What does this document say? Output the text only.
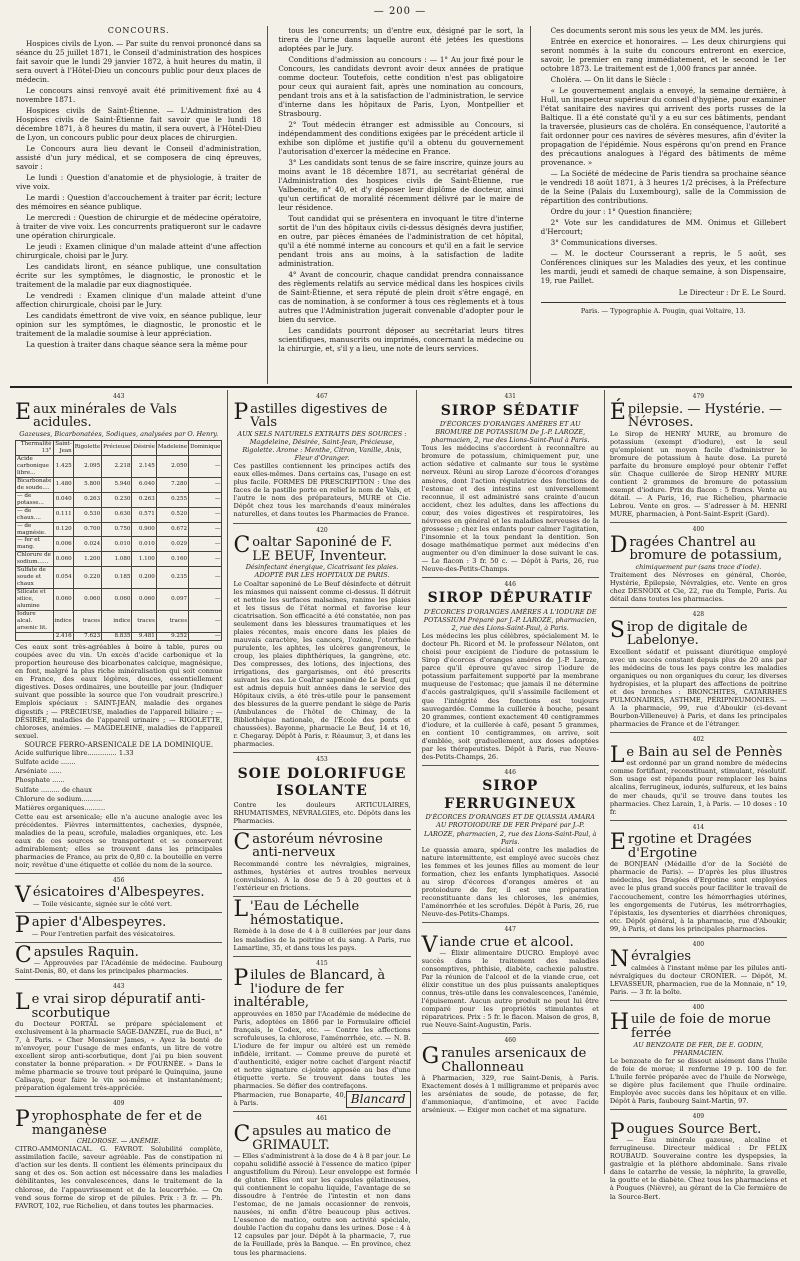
— 200 —
CONCOURS.

Hospices civils de Lyon. — Par suite du renvoi prononcé dans sa séance du 25 juillet 1871, le Conseil d'administration des hospices fait savoir que le lundi 29 janvier 1872, à huit heures du matin, il sera ouvert à l'Hôtel-Dieu un concours public pour deux places de médecin.

Le concours ainsi renvoyé avait été primitivement fixé au 4 novembre 1871.

Hospices civils de Saint-Étienne. — L'Administration des Hospices civils de Saint-Étienne fait savoir que le lundi 18 décembre 1871, à 8 heures du matin, il sera ouvert, à l'Hôtel-Dieu de Lyon, un concours public pour deux places de chirurgien.

Le Concours aura lieu devant le Conseil d'administration, assisté d'un jury médical, et se composera de cinq épreuves, savoir :

Le lundi : Question d'anatomie et de physiologie, à traiter de vive voix.

Le mardi : Question d'accouchement à traiter par écrit; lecture des mémoires en séance publique.

Le mercredi : Question de chirurgie et de médecine opératoire, à traiter de vive voix. Les concurrents pratiqueront sur le cadavre une opération chirurgicale.

Le jeudi : Examen clinique d'un malade atteint d'une affection chirurgicale, choisi par le Jury.

Les candidats liront, en séance publique, une consultation écrite sur les symptômes, le diagnostic, le pronostic et le traitement de la maladie par eux diagnostiquée.

Le vendredi : Examen clinique d'un malade atteint d'une affection chirurgicale, choisi par le Jury.

Les candidats émettront de vive voix, en séance publique, leur opinion sur les symptômes, le diagnostic, le pronostic et le traitement de la maladie soumise à leur appréciation.

La question à traiter dans chaque séance sera la même pour

tous les concurrents; un d'entre eux, désigné par le sort, la tirera de l'urne dans laquelle auront été jetées les questions adoptées par le Jury.

Conditions d'admission au concours : — 1° Au jour fixé pour le Concours, les candidats devront avoir deux années de pratique comme docteur. Toutefois, cette condition n'est pas obligatoire pour ceux qui auraient fait, après une nomination au concours, pendant trois ans et à la satisfaction de l'administration, le service d'interne dans les hôpitaux de Paris, Lyon, Montpellier et Strasbourg.

2° Tout médecin étranger est admissible au Concours, si indépendamment des conditions exigées par le précédent article il exhibe son diplôme et justifie qu'il a obtenu du gouvernement l'autorisation d'exercer la médecine en France.

3° Les candidats sont tenus de se faire inscrire, quinze jours au moins avant le 18 décembre 1871, au secrétariat général de l'Administration des hospices civils de Saint-Étienne, rue Valbenoite, n° 40, et d'y déposer leur diplôme de docteur, ainsi qu'un certificat de moralité récemment délivré par le maire de leur résidence.

Tout candidat qui se présentera en invoquant le titre d'interne sortit de l'un des hôpitaux civils ci-dessus désignés devra justifier, en outre, par pièces émanées de l'administration de cet hôpital, qu'il a été nommé interne au concours et qu'il en a fait le service pendant trois ans au moins, à la satisfaction de ladite administration.

4° Avant de concourir, chaque candidat prendra connaissance des règlements relatifs au service médical dans les hospices civils de Saint-Étienne, et sera réputé de plein droit s'être engagé, en cas de nomination, à se conformer à tous ces règlements et à tous autres que l'Administration jugerait convenable d'adopter pour le bien du service.

Les candidats pourront déposer au secrétariat leurs titres scientifiques, manuscrits ou imprimés, concernant la médecine ou la chirurgie, et, s'il y a lieu, une note de leurs services.

Ces documents seront mis sous les yeux de MM. les jurés.

Entrée en exercice et honoraires. — Les deux chirurgiens qui seront nommés à la suite du concours entreront en exercice, savoir, le premier en rang immédiatement, et le second le 1er octobre 1873. Le traitement est de 1,000 francs par année.

Choléra. — On lit dans le Siècle :

« Le gouvernement anglais a envoyé, la semaine dernière, à Hull, un inspecteur supérieur du conseil d'hygiène, pour examiner l'état sanitaire des navires qui arrivent des ports russes de la Baltique. Il a été constaté qu'il y a eu sur ces bâtiments, pendant la traversée, plusieurs cas de choléra. En conséquence, l'autorité a fait ordonner pour ces navires de sévères mesures, afin d'éviter la propagation de l'épidémie. Nous espérons qu'on prend en France des précautions analogues à l'égard des bâtiments de même provenance. »

— La Société de médecine de Paris tiendra sa prochaine séance le vendredi 18 août 1871, à 3 heures 1/2 précises, à la Préfecture de la Seine (Palais du Luxembourg), salle de la Commission de répartition des contributions.

Ordre du jour : 1° Question financière;

2° Vote sur les candidatures de MM. Onimus et Gillebert d'Hercourt;

3° Communications diverses.

— M. le docteur Coursserant a repris, le 5 août, ses Conférences cliniques sur les Maladies des yeux, et les continue les mardi, jeudi et samedi de chaque semaine, à son Dispensaire, 19, rue Paillet.

Le Directeur : Dr E. Le Sourd.
Paris. — Typographie A. Pougin, quai Voltaire, 13.
443
Eaux minérales de Vals acidules.
Gazeuses, Bicarbonatées, Sodiques, analysées par O. Henry.
Thermalité 13°	Saint-Jean	Rigolette	Précieuse	Désirée	Madeleine	Dominique
Acide carbonique libre...	1.425	2.095	2.218	2.145	2.050	—
Bicarbonate de soude....	1.480	5.800	5.940	6.040	7.280	—
— de potasse...	0.040	0.263	0.230	0.263	0.255	—
— de chaux....	0.111	0.530	0.630	0.571	0.520	—
— de magnésie.	0.120	0.700	0.750	0.900	0.672	—
— fer et mang.	0.006	0.024	0.010	0.010	0.029	—
Chlorure de sodium......	0.060	1.200	1.080	1.100	0.160	—
Sulfate de soude et chaux	0.054	0.220	0.185	0.200	0.235	—
Silicate et silice, alumine	0.060	0.060	0.060	0.060	0.097	—
Iodure alcal. arsenic lit.	indice	traces	indice	traces	traces	—
	2.416	7.623	8.835	9.481	9.252	—

Ces eaux sont très-agréables à boire à table, pures ou coupées avec du vin. Un excès d'acide carbonique et la proportion heureuse des bicarbonates calcique, magnésique, en font, malgré la plus riche minéralisation qui soit connue en France, des eaux légères, douces, essentiellement digestives. Doses ordinaires, une bouteille par jour. (Indiquer suivant que possible la source que l'on voudrait prescrire.) Emplois spéciaux : SAINT-JEAN, maladie des organes digestifs ; — PRÉCIEUSE, maladies de l'appareil biliaire ; — DÉSIRÉE, maladies de l'appareil urinaire ; — RIGOLETTE, chloroses, anémies. — MAGDELEINE, maladies de l'appareil sexuel.

SOURCE FERRO-ARSENICALE DE LA DOMINIQUE.

Acide sulfurique libre.............. 1.33

Sulfate acide .......

Arséniate ......

Phosphate ......

Sulfate ......... de chaux

Chlorure de sodium..........

Matières organiques..........

Cette eau est arsenicale; elle n'a aucune analogie avec les précédentes. Fièvres intermittentes, cachexies, dyspnée, maladies de la peau, scrofule, maladies organiques, etc. Les eaux de ces sources se transportent et se conservent admirablement; elles se trouvent dans les principales pharmacies de France, au prix de 0,80 c. la bouteille en verre noir, revêtue d'une étiquette et collée du nom de la source.

456
Vésicatoires d'Albespeyres.

— Toile vésicante, signée sur le côté vert.

Papier d'Albespeyres.

— Pour l'entretien parfait des vésicatoires.

Capsules Raquin.

— Approuvées par l'Académie de médecine. Faubourg Saint-Denis, 80, et dans les principales pharmacies.

443
Le vrai sirop dépuratif anti-scorbutique

du Docteur PORTAL se prépare spécialement et exclusivement à la pharmacie SAGE-DANZEL, rue de Buci, n° 7, à Paris. « Cher Monsieur James, « Ayez la bonté de m'envoyer, pour l'usage de mes enfants, un litre de votre excellent sirop anti-scorbutique, dont j'ai pu bien souvent constater la bonne préparation. « Dr FOURNÉE. » Dans le même pharmacie se trouve tout préparé le Quinquina, jaune Calisaya, pour faire le vin soi-même et instantanément; préparation également très-appréciée.

409
Pyrophosphate de fer et de manganèse
CHLOROSE. — ANÉMIE.

CITRO-AMMONIACAL. G. FAVROT. Solubilité complète, assimilation facile, saveur agréable. Pas de constipation ni d'action sur les dents. Il contient les éléments principaux du sang et des os. Son action est nécessaire dans les maladies débilitantes, les convalescences, dans le traitement de la chlorose, de l'appauvrissement et de la leucorrhée. — On vend sous forme de sirop et de pilules. Prix : 3 fr. — Ph. FAVROT, 102, rue Richelieu, et dans toutes les pharmacies.

467
Pastilles digestives de Vals
AUX SELS NATURELS EXTRAITS DES SOURCES : Magdeleine, Désirée, Saint-Jean, Précieuse, Rigolette. Arome : Menthe, Citron, Vanille, Anis, Fleur d'Oranger.

Ces pastilles contiennent les principes actifs des eaux elles-mêmes. Dans certains cas, l'usage en est plus facile. FORMES DE PRESCRIPTION : Une des faces de la pastille porte en relief le nom de Vals, et l'autre le nom des préparateurs, MURE et Cie. Dépôt chez tous les marchands d'eaux minérales naturelles, et dans toutes les Pharmacies de France.

420
Coaltar Saponiné de F. LE BEUF, Inventeur.
Désinfectant énergique, Cicatrisant les plaies. ADOPTÉ PAR LES HOPITAUX DE PARIS.

Le Coaltar saponiné de Le Beuf désinfecte et détruit les miasmes qui naissent comme ci-dessus. Il détruit et nettoie les surfaces malsaines, ranime les plaies et les tissus de l'état normal et favorise leur cicatrisation. Son efficacité a été constatée, non pas seulement dans les blessures traumatiques et les plaies récentes, mais encore dans les plaies de mauvais caractère, les cancers, l'ozène, l'otorrhée purulente, les aphtes, les ulcères gangreneux, le croup, les plaies diphthériques, la gangrène, etc. Des compresses, des lotions, des injections, des irrigations, des gargarismes, ont été prescrits suivant les cas. Le Coaltar saponiné de Le Beuf, qui est admis depuis huit années dans le service des Hôpitaux civils, a été très-utile pour le pansement des blessures de la guerre pendant le siège de Paris (Ambulances de l'hôtel de Chimay, de la Bibliothèque nationale, de l'École des ponts et chaussées). Bayonne, pharmacie Le Beuf, 14 et 16, r. Chegaray. Dépôt à Paris, r. Réaumur, 3, et dans les pharmacies.

453
SOIE DOLORIFUGE ISOLANTE

Contre les douleurs ARTICULAIRES, RHUMATISMES, NÉVRALGIES, etc. Dépôts dans les Pharmacies.

Castoréum névrosine anti-nerveux

Recommandé contre les névralgies, migraines, asthmes, hystéries et autres troubles nerveux (convulsions). A la dose de 5 à 20 gouttes et à l'extérieur en frictions.

L 'Eau de Léchelle hémostatique.

Remède à la dose de 4 à 8 cuillerées par jour dans les maladies de la poitrine et du sang. A Paris, rue Lamartine, 35, et dans tous les pays.

415
Pilules de Blancard, à l'iodure de fer inaltérable,

approuvées en 1850 par l'Académie de médecine de Paris, adoptées en 1866 par le Formulaire officiel français, le Codex, etc. — Contre les affections scrofuleuses, la chlorose, l'aménorrhée, etc. — N. B. L'iodure de fer impur ou altéré est un remède infidèle, irritant. — Comme preuve de pureté et d'authenticité, exiger notre cachet d'argent réactif et notre signature ci-jointe apposée au bas d'une étiquette verte. Se trouvent dans toutes les pharmacies. Se défier des contrefaçons.

Blancard

Pharmacien, rue Bonaparte, 40, à Paris.

461
Capsules au matico de GRIMAULT.

— Elles s'administrent à la dose de 4 à 8 par jour. Le copahu solidifié associé à l'essence de matico (piper angustifolium du Pérou). Leur enveloppe est formée de gluten. Elles ont sur les capsules gélatineuses, qui contiennent le copahu liquide, l'avantage de se dissoudre à l'entrée de l'intestin et non dans l'estomac, de ne jamais occasionner de renvois, nausées, ni enfin d'être beaucoup plus actives. L'essence de matico, outre son activité spéciale, double l'action du copahu dans les urines. Dose : 4 à 12 capsules par jour. Dépôt à la pharmacie, 7, rue de la Feuillade, près la Banque. — En province, chez tous les pharmaciens.

431
SIROP SÉDATIF
D'ÉCORCES D'ORANGES AMÈRES ET AU BROMURE DE POTASSIUM De J.-P. LAROZE, pharmacien, 2, rue des Lions-Saint-Paul à Paris.

Tous les médecins s'accordent à reconnaître au bromure de potassium, chimiquement pur, une action sédative et calmante sur tous le système nerveux. Réuni au sirop Laroze d'écorces d'oranges amères, dont l'action régulatrice des fonctions de l'estomac et des intestins est universellement reconnue, il est administré sans crainte d'aucun accident, chez les adultes, dans les affections du cœur, des voies digestives et respiratoires, les névroses en général et les maladies nerveuses de la grossesse ; chez les enfants pour calmer l'agitation, l'insomnie et la toux pendant la dentition. Son dosage mathématique permet aux médecins d'en augmenter ou d'en diminuer la dose suivant le cas. — Le flacon : 3 fr. 50 c. — Dépôt à Paris, 26, rue Neuve-des-Petits-Champs.

446
SIROP DÉPURATIF
D'ÉCORCES D'ORANGES AMÈRES A L'IODURE DE POTASSIUM Préparé par J.-P. LAROZE, pharmacien, 2, rue des Lions-Saint-Paul, à Paris.

Les médecins les plus célèbres, spécialement M. le docteur Ph. Ricord et M. le professeur Nélaton, ont choisi pour excipient de l'iodure de potassium le Sirop d'écorces d'oranges amères de J.-P. Laroze, parce qu'il éprouve qu'avec sirop l'iodure de potassium parfaitement supporté par la membrane muqueuse de l'estomac; que jamais il ne détermine d'accès gastralgiques, qu'il s'assimile facilement et que l'intégrité des fonctions est toujours sauvegardée. Comme la cuillerée à bouche, pesant 20 grammes, contient exactement 40 centigrammes d'iodure, et la cuillerée à café, pesant 5 grammes, en contient 10 centigrammes, on arrive, soit d'emblée, soit graduellement, aux doses adoptées par les thérapeutistes. Dépôt à Paris, rue Neuve-des-Petits-Champs, 26.

446
SIROP FERRUGINEUX
D'ÉCORCES D'ORANGES ET DE QUASSIA AMARA AU PROTOIODURE DE FER Préparé par J.-P. LAROZE, pharmacien, 2, rue des Lions-Saint-Paul, à Paris.

Le quassia amara, spécial contre les maladies de nature intermittente, est employé avec succès chez les femmes et les jeunes filles au moment de leur formation, chez les enfants lymphatiques. Associé au sirop d'écorces d'oranges amères et au protoiodure de fer, il est une préparation reconstituante dans les chloroses, les anémies, l'aménorrhée et les scrofules. Dépôt à Paris, 26, rue Neuve-des-Petits-Champs.

447
Viande crue et alcool.

— Élixir alimentaire DUCRO. Employé avec succès dans le traitement des maladies consomptives, phthisie, diabète, cachexie palustre. Par la réunion de l'alcool et de la viande crue, cet élixir constitue un des plus puissants analeptiques connus, très-utile dans les convalescences, l'anémie, l'épuisement. Aucun autre produit ne peut lui être comparé pour les propriétés stimulantes et réparatrices. Prix : 5 fr. le flacon. Maison de gros, 8, rue Neuve-Saint-Augustin, Paris.

460
Granules arsenicaux de Challonneau

à Pharmacien, 329, rue Saint-Denis, à Paris. Exactement dosés à 1 milligramme et préparés avec les arséniates de soude, de potasse, de fer, d'ammoniaque, d'antimoine, et avec l'acide arsénieux. — Exiger mon cachet et ma signature.

479
Épilepsie. — Hystérie. — Névroses.

Le Sirop de HENRY MURE, au bromure de potassium (exempt d'iodure), est le seul qu'emploient un moyen facile d'administrer le bromure de potassium à haute dose. La pureté parfaite du bromure employé pour obtenir l'effet sûr. Chaque cuillerée de Sirop HENRY MURE contient 2 grammes de bromure de potassium exempt d'iodure. Prix du flacon : 5 francs. Vente au détail. — A Paris, 16, rue Richelieu, pharmacie Lebrou. Vente en gros. — S'adresser à M. HENRI MURE, pharmacien, à Pont-Saint-Esprit (Gard).

400
Dragées Chantrel au bromure de potassium,
chimiquement pur (sans trace d'iode).

Traitement des Névroses en général, Chorée, Hystérie, Épilepsie, Névralgies, etc. Vente en gros chez DESNOIX et Cie, 22, rue du Temple, Paris. Au détail dans toutes les pharmacies.

428
Sirop de digitale de Labelonye.

Excellent sédatif et puissant diurétique employé avec un succès constant depuis plus de 20 ans par les médecins de tous les pays contre les maladies organiques ou non organiques du cœur, les diverses hydropisies, et la plupart des affections de poitrine et des bronches : BRONCHITES, CATARRHES PULMONAIRES, ASTHME, PÉRIPNEUMONIES. — A la pharmacie, 99, rue d'Aboukir (ci-devant Bourbon-Villeneuve) à Paris, et dans les principales pharmacies de France et de l'étranger.

402
Le Bain au sel de Pennès

est ordonné par un grand nombre de médecins comme fortifiant, reconstituant, stimulant, résolutif. Son usage est répandu pour remplacer les bains alcalins, ferrugineux, iodurés, sulfureux, et les bains de mer chauds, qu'il se trouve dans toutes les pharmacies. Chez Larain, 1, à Paris. — 10 doses : 10 fr.

414
Ergotine et Dragées d'Ergotine

de BONJEAN (Médaille d'or de la Société de pharmacie de Paris). — D'après les plus illustres médecins, les Dragées d'Ergotine sont employées avec le plus grand succès pour faciliter le travail de l'accouchement, contre les hémorrhagies utérines, les engorgements de l'utérus, les métrorrhagies, l'épistaxis, les dysenteries et diarrhées chroniques, etc. Dépôt général, à la pharmacie, rue d'Aboukir, 99, à Paris, et dans les principales pharmacies.

400
Névralgies

calmées à l'instant même par les pilules anti-névralgiques du docteur CRONIER. — Dépôt, M. LEVASSEUR, pharmacien, rue de la Monnaie, n° 19, Paris. — 3 fr. la boîte.

400
Huile de foie de morue ferrée
AU BENZOATE DE FER, DE E. GODIN, PHARMACIEN.

Le benzoate de fer se dissout aisément dans l'huile de foie de morue; il renferme 19 p. 100 de fer. L'huile ferrée préparée avec de l'huile de Norwège, se digère plus facilement que l'huile ordinaire. Employée avec succès dans les hôpitaux et en ville. Dépôt à Paris, faubourg Saint-Martin, 97.

409
Pougues Source Bert.

— Eau minérale gazeuse, alcaline et ferrugineuse. Directeur médical : Dr FÉLIX ROUBAUD. Souveraine contre les dyspepsies, la gastralgie et la pléthore abdominale. Sans rivale dans le catarrhe de vessie, la néphrite, la gravelle, la goutte et le diabète. Chez tous les pharmaciens et à Pougues (Nièvre), au gérant de la Cie fermière de la Source-Bert.
